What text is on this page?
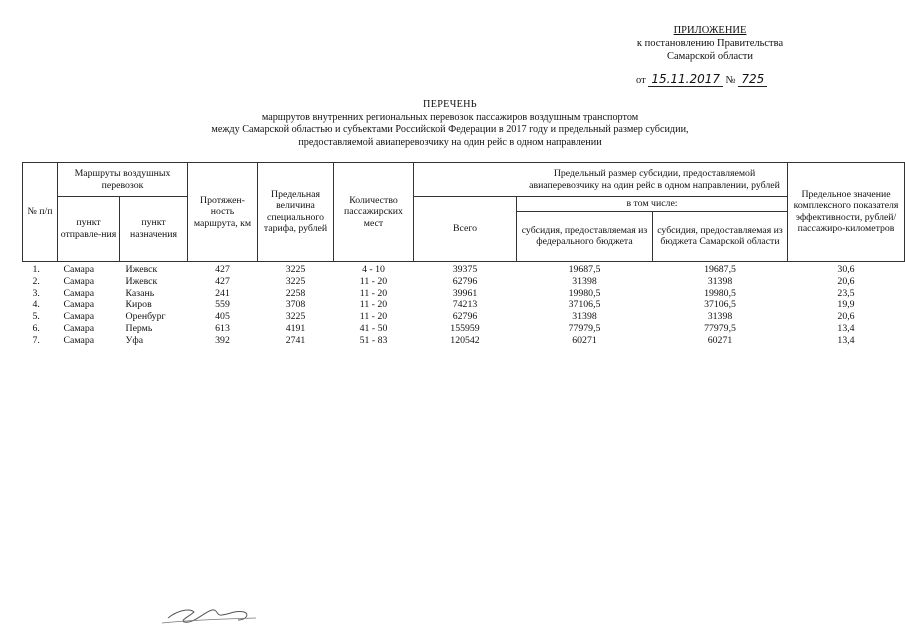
ПРИЛОЖЕНИЕ
к постановлению Правительства
Самарской области
от 15.11.2017 № 725
ПЕРЕЧЕНЬ
маршрутов внутренних региональных перевозок пассажиров воздушным транспортом
между Самарской областью и субъектами Российской Федерации в 2017 году и предельный размер субсидии,
предоставляемой авиаперевозчику на один рейс в одном направлении
№ п/п	Маршруты воздушных перевозок		Протяжен-ность маршрута, км	Предельная величина специального тарифа, рублей	Количество пассажирских мест	Предельный размер субсидии, предоставляемой авиаперевозчику на один рейс в одном направлении, рублей			Предельное значение комплексного показателя эффективности, рублей/пассажиро-километров
	пункт отправле-ния	пункт назначения				Всего	в том числе:		
							субсидия, предоставляемая из федерального бюджета	субсидия, предоставляемая из бюджета Самарской области	

1.	Самара	Ижевск	427	3225	4 - 10	39375	19687,5	19687,5	30,6
2.	Самара	Ижевск	427	3225	11 - 20	62796	31398	31398	20,6
3.	Самара	Казань	241	2258	11 - 20	39961	19980,5	19980,5	23,5
4.	Самара	Киров	559	3708	11 - 20	74213	37106,5	37106,5	19,9
5.	Самара	Оренбург	405	3225	11 - 20	62796	31398	31398	20,6
6.	Самара	Пермь	613	4191	41 - 50	155959	77979,5	77979,5	13,4
7.	Самара	Уфа	392	2741	51 - 83	120542	60271	60271	13,4
